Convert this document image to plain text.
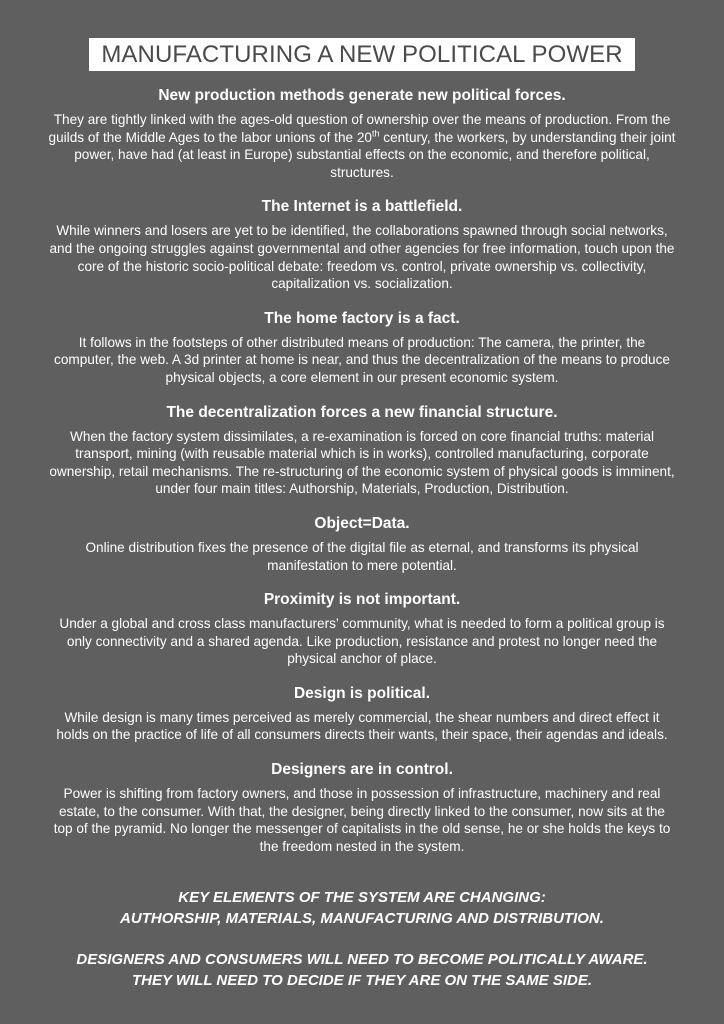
MANUFACTURING A NEW POLITICAL POWER
New production methods generate new political forces.
They are tightly linked with the ages-old question of ownership over the means of production. From the guilds of the Middle Ages to the labor unions of the 20th century, the workers, by understanding their joint power, have had (at least in Europe) substantial effects on the economic, and therefore political, structures.
The Internet is a battlefield.
While winners and losers are yet to be identified, the collaborations spawned through social networks, and the ongoing struggles against governmental and other agencies for free information, touch upon the core of the historic socio-political debate: freedom vs. control, private ownership vs. collectivity, capitalization vs. socialization.
The home factory is a fact.
It follows in the footsteps of other distributed means of production: The camera, the printer, the computer, the web. A 3d printer at home is near, and thus the decentralization of the means to produce physical objects, a core element in our present economic system.
The decentralization forces a new financial structure.
When the factory system dissimilates, a re-examination is forced on core financial truths: material transport, mining (with reusable material which is in works), controlled manufacturing, corporate ownership, retail mechanisms. The re-structuring of the economic system of physical goods is imminent, under four main titles: Authorship, Materials, Production, Distribution.
Object=Data.
Online distribution fixes the presence of the digital file as eternal, and transforms its physical manifestation to mere potential.
Proximity is not important.
Under a global and cross class manufacturers’ community, what is needed to form a political group is only connectivity and a shared agenda. Like production, resistance and protest no longer need the physical anchor of place.
Design is political.
While design is many times perceived as merely commercial, the shear numbers and direct effect it holds on the practice of life of all consumers directs their wants, their space, their agendas and ideals.
Designers are in control.
Power is shifting from factory owners, and those in possession of infrastructure, machinery and real estate, to the consumer. With that, the designer, being directly linked to the consumer, now sits at the top of the pyramid. No longer the messenger of capitalists in the old sense, he or she holds the keys to the freedom nested in the system.
KEY ELEMENTS OF THE SYSTEM ARE CHANGING:
AUTHORSHIP, MATERIALS, MANUFACTURING AND DISTRIBUTION.
DESIGNERS AND CONSUMERS WILL NEED TO BECOME POLITICALLY AWARE.
THEY WILL NEED TO DECIDE IF THEY ARE ON THE SAME SIDE.
